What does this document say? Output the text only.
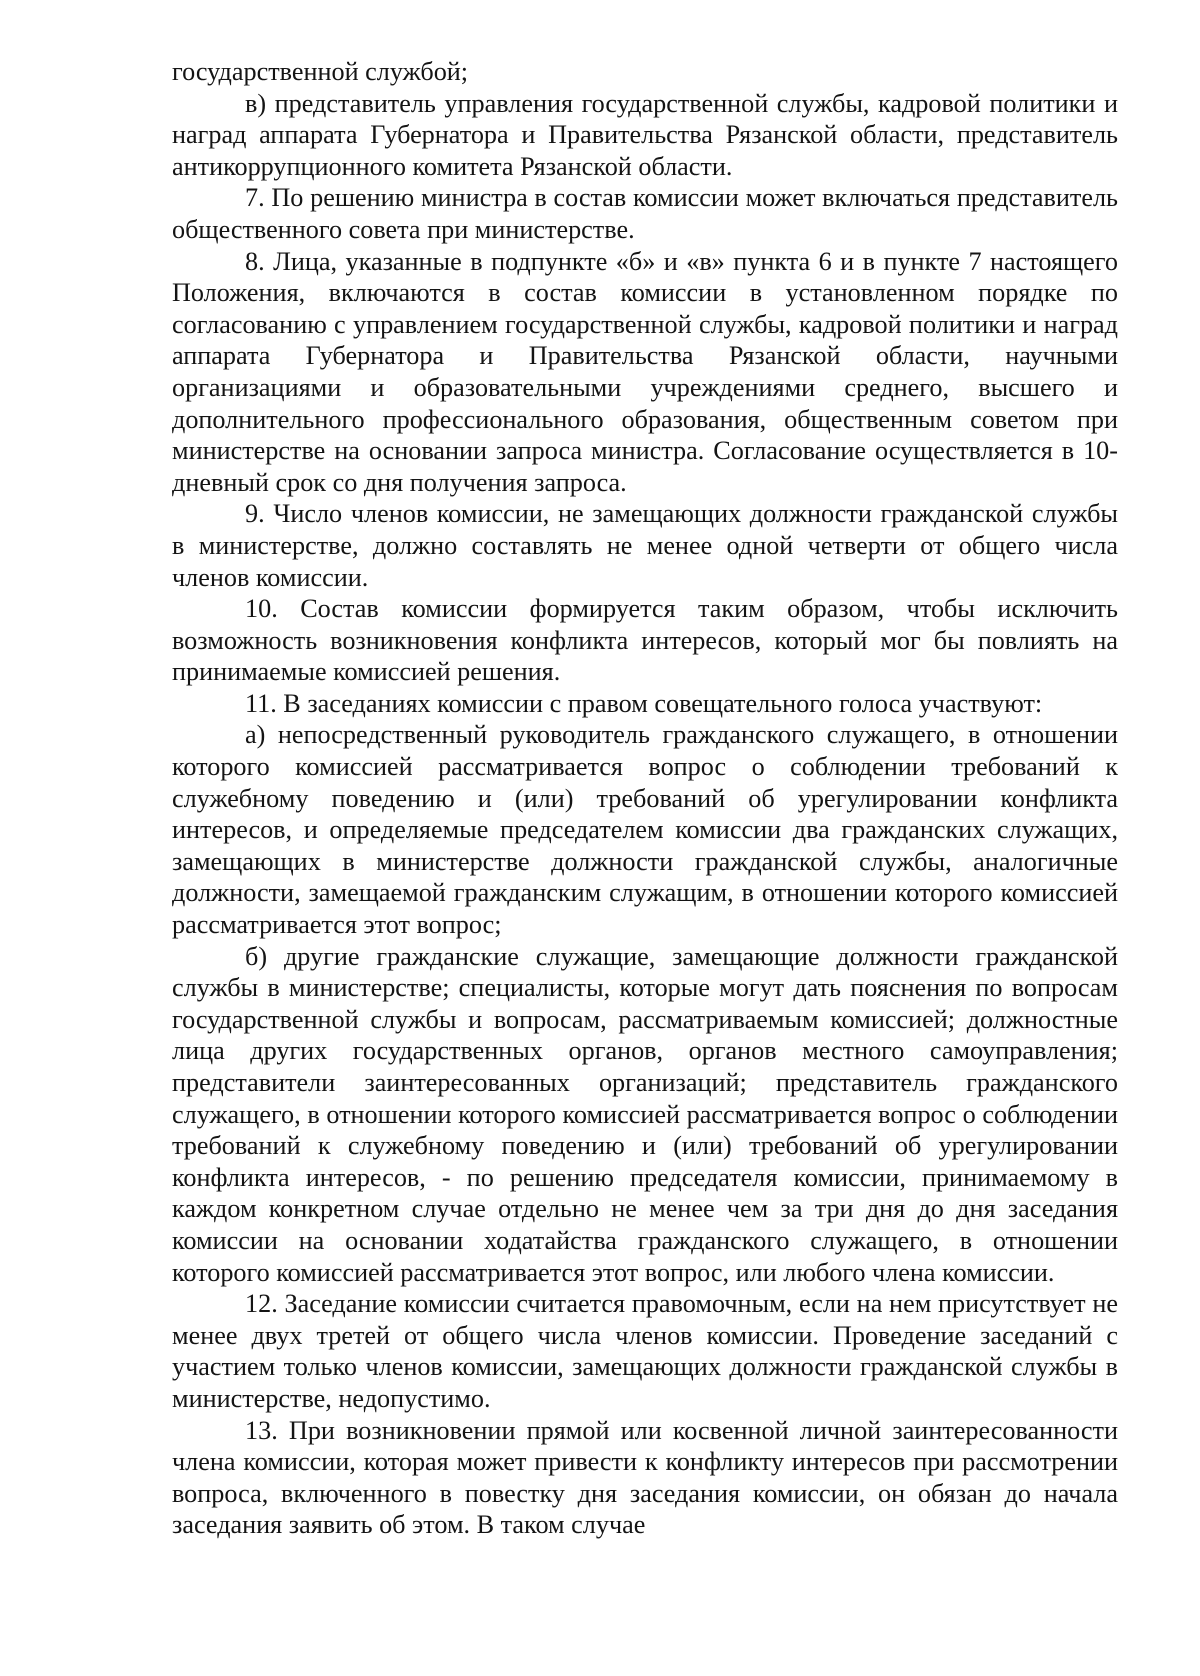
государственной службой;

в) представитель управления государственной службы, кадровой политики и наград аппарата Губернатора и Правительства Рязанской области, представитель антикоррупционного комитета Рязанской области.

7. По решению министра в состав комиссии может включаться представитель общественного совета при министерстве.

8. Лица, указанные в подпункте «б» и «в» пункта 6 и в пункте 7 настоящего Положения, включаются в состав комиссии в установленном порядке по согласованию с управлением государственной службы, кадровой политики и наград аппарата Губернатора и Правительства Рязанской области, научными организациями и образовательными учреждениями среднего, высшего и дополнительного профессионального образования, общественным советом при министерстве на основании запроса министра. Согласование осуществляется в 10-дневный срок со дня получения запроса.

9. Число членов комиссии, не замещающих должности гражданской службы в министерстве, должно составлять не менее одной четверти от общего числа членов комиссии.

10. Состав комиссии формируется таким образом, чтобы исключить возможность возникновения конфликта интересов, который мог бы повлиять на принимаемые комиссией решения.

11. В заседаниях комиссии с правом совещательного голоса участвуют:

а) непосредственный руководитель гражданского служащего, в отношении которого комиссией рассматривается вопрос о соблюдении требований к служебному поведению и (или) требований об урегулировании конфликта интересов, и определяемые председателем комиссии два гражданских служащих, замещающих в министерстве должности гражданской службы, аналогичные должности, замещаемой гражданским служащим, в отношении которого комиссией рассматривается этот вопрос;

б) другие гражданские служащие, замещающие должности гражданской службы в министерстве; специалисты, которые могут дать пояснения по вопросам государственной службы и вопросам, рассматриваемым комиссией; должностные лица других государственных органов, органов местного самоуправления; представители заинтересованных организаций; представитель гражданского служащего, в отношении которого комиссией рассматривается вопрос о соблюдении требований к служебному поведению и (или) требований об урегулировании конфликта интересов, - по решению председателя комиссии, принимаемому в каждом конкретном случае отдельно не менее чем за три дня до дня заседания комиссии на основании ходатайства гражданского служащего, в отношении которого комиссией рассматривается этот вопрос, или любого члена комиссии.

12. Заседание комиссии считается правомочным, если на нем присутствует не менее двух третей от общего числа членов комиссии. Проведение заседаний с участием только членов комиссии, замещающих должности гражданской службы в министерстве, недопустимо.

13. При возникновении прямой или косвенной личной заинтересованности члена комиссии, которая может привести к конфликту интересов при рассмотрении вопроса, включенного в повестку дня заседания комиссии, он обязан до начала заседания заявить об этом. В таком случае
